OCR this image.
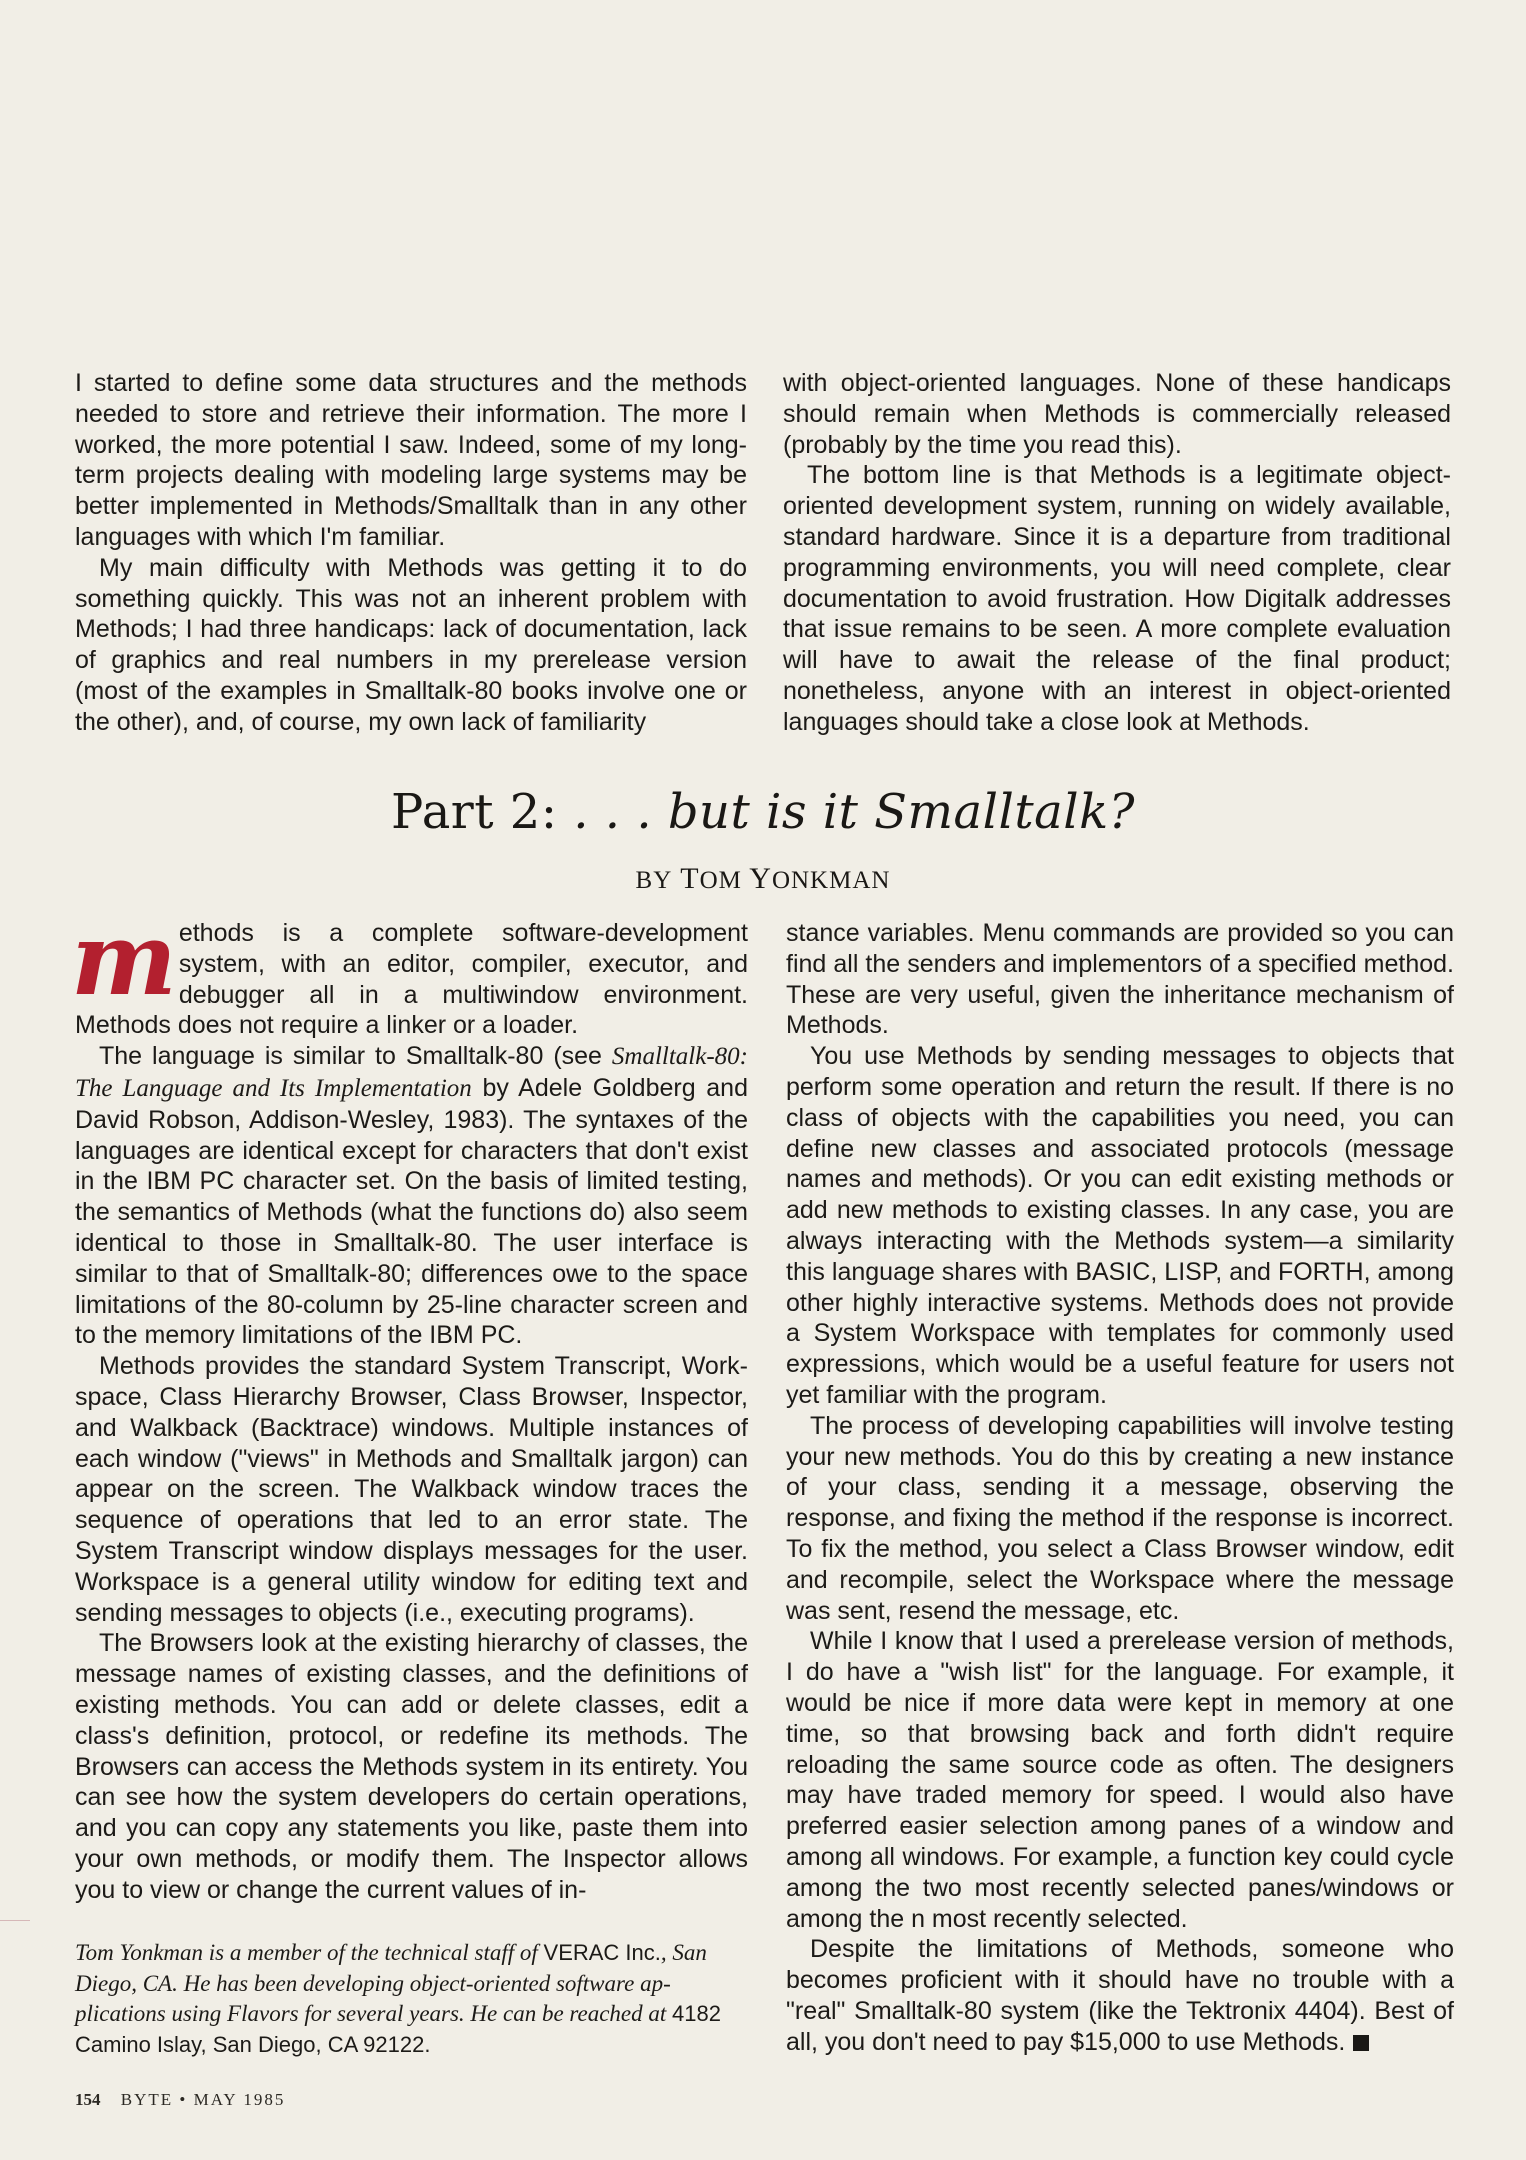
I started to define some data structures and the methods needed to store and retrieve their information. The more I worked, the more potential I saw. Indeed, some of my long-term projects dealing with modeling large systems may be better implemented in Methods/Smalltalk than in any other languages with which I'm familiar.

My main difficulty with Methods was getting it to do something quickly. This was not an inherent problem with Methods; I had three handicaps: lack of documentation, lack of graphics and real numbers in my prerelease version (most of the examples in Smalltalk-80 books involve one or the other), and, of course, my own lack of familiarity

with object-oriented languages. None of these handicaps should remain when Methods is commercially released (probably by the time you read this).

The bottom line is that Methods is a legitimate object-oriented development system, running on widely available, standard hardware. Since it is a departure from traditional programming environments, you will need complete, clear documentation to avoid frustration. How Digitalk addresses that issue remains to be seen. A more complete evaluation will have to await the release of the final product; nonetheless, anyone with an interest in object-oriented languages should take a close look at Methods.

Part 2: . . . but is it Smalltalk?
BY TOM YONKMAN

methods is a complete software-development system, with an editor, compiler, executor, and debugger all in a multiwindow environment. Methods does not require a linker or a loader.

The language is similar to Smalltalk-80 (see Smalltalk-80: The Language and Its Implementation by Adele Goldberg and David Robson, Addison-Wesley, 1983). The syntaxes of the languages are identical except for characters that don't exist in the IBM PC character set. On the basis of limited testing, the semantics of Methods (what the functions do) also seem identical to those in Smalltalk-80. The user interface is similar to that of Smalltalk-80; differences owe to the space limitations of the 80-column by 25-line character screen and to the memory limitations of the IBM PC.

Methods provides the standard System Transcript, Workspace, Class Hierarchy Browser, Class Browser, Inspector, and Walkback (Backtrace) windows. Multiple instances of each window ("views" in Methods and Smalltalk jargon) can appear on the screen. The Walkback window traces the sequence of operations that led to an error state. The System Transcript window displays messages for the user. Workspace is a general utility window for editing text and sending messages to objects (i.e., executing programs).

The Browsers look at the existing hierarchy of classes, the message names of existing classes, and the definitions of existing methods. You can add or delete classes, edit a class's definition, protocol, or redefine its methods. The Browsers can access the Methods system in its entirety. You can see how the system developers do certain operations, and you can copy any statements you like, paste them into your own methods, or modify them. The Inspector allows you to view or change the current values of in-

stance variables. Menu commands are provided so you can find all the senders and implementors of a specified method. These are very useful, given the inheritance mechanism of Methods.

You use Methods by sending messages to objects that perform some operation and return the result. If there is no class of objects with the capabilities you need, you can define new classes and associated protocols (message names and methods). Or you can edit existing methods or add new methods to existing classes. In any case, you are always interacting with the Methods system—a similarity this language shares with BASIC, LISP, and FORTH, among other highly interactive systems. Methods does not provide a System Workspace with templates for commonly used expressions, which would be a useful feature for users not yet familiar with the program.

The process of developing capabilities will involve testing your new methods. You do this by creating a new instance of your class, sending it a message, observing the response, and fixing the method if the response is incorrect. To fix the method, you select a Class Browser window, edit and recompile, select the Workspace where the message was sent, resend the message, etc.

While I know that I used a prerelease version of methods, I do have a "wish list" for the language. For example, it would be nice if more data were kept in memory at one time, so that browsing back and forth didn't require reloading the same source code as often. The designers may have traded memory for speed. I would also have preferred easier selection among panes of a window and among all windows. For example, a function key could cycle among the two most recently selected panes/windows or among the n most recently selected.

Despite the limitations of Methods, someone who becomes proficient with it should have no trouble with a "real" Smalltalk-80 system (like the Tektronix 4404). Best of all, you don't need to pay $15,000 to use Methods.

Tom Yonkman is a member of the technical staff of VERAC Inc., San Diego, CA. He has been developing object-oriented software applications using Flavors for several years. He can be reached at 4182 Camino Islay, San Diego, CA 92122.
154 BYTE • MAY 1985
